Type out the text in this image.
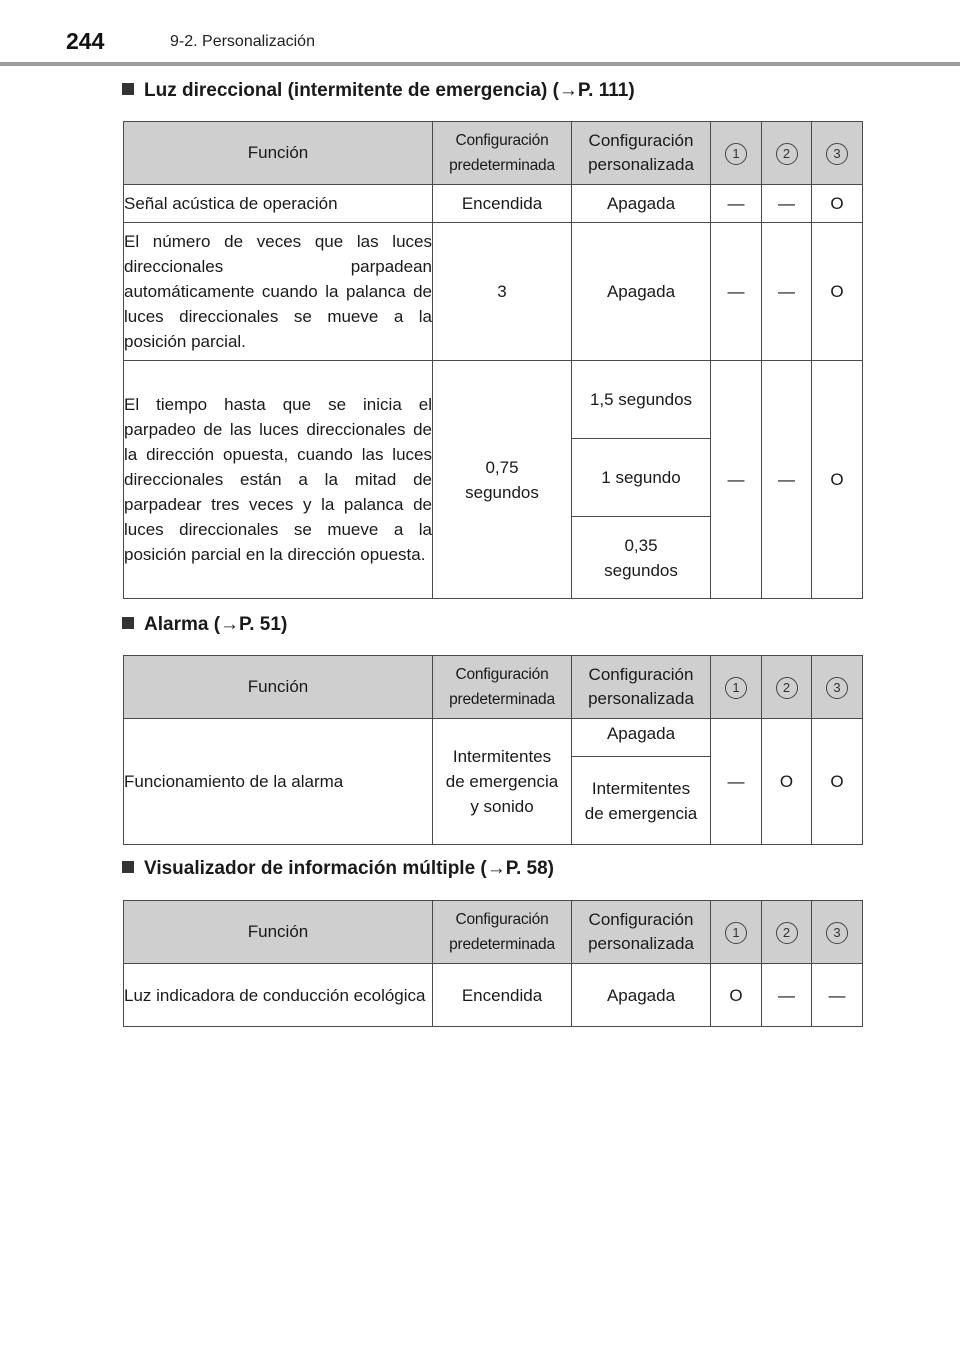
244	9-2. Personalización
Luz direccional (intermitente de emergencia) (→P. 111)
Función	Configuración predeterminada	Configuración personalizada	1	2	3
Señal acústica de operación	Encendida	Apagada	—	—	O
El número de veces que las luces direccionales parpadean automáticamente cuando la palanca de luces direccionales se mueve a la posición parcial.	3	Apagada	—	—	O
El tiempo hasta que se inicia el parpadeo de las luces direccionales de la dirección opuesta, cuando las luces direccionales están a la mitad de parpadear tres veces y la palanca de luces direccionales se mueve a la posición parcial en la dirección opuesta.	0,75 segundos	1,5 segundos	—	—	O
		1 segundo			
		0,35 segundos			
Alarma (→P. 51)
Función	Configuración predeterminada	Configuración personalizada	1	2	3
Funcionamiento de la alarma	Intermitentes de emergencia y sonido	Apagada	—	O	O
		Intermitentes de emergencia			
Visualizador de información múltiple (→P. 58)
Función	Configuración predeterminada	Configuración personalizada	1	2	3
Luz indicadora de conducción ecológica	Encendida	Apagada	O	—	—
